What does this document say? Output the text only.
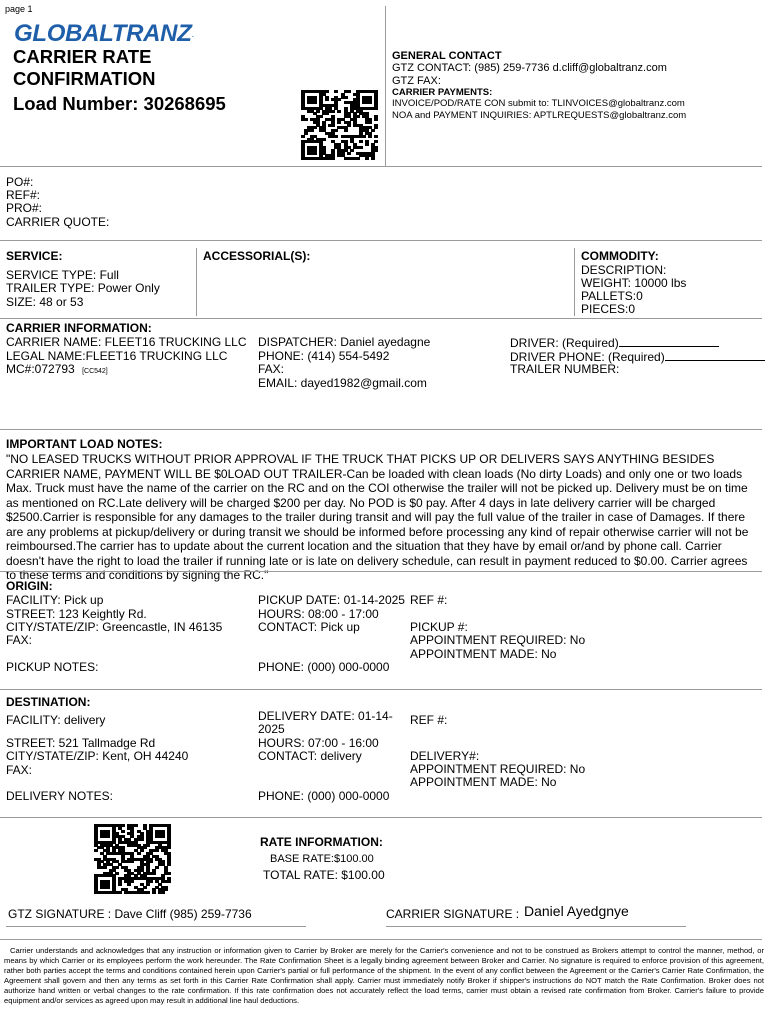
page 1
GLOBALTRANZ.
CARRIER RATE
CONFIRMATION
Load Number: 30268695
GENERAL CONTACT
GTZ CONTACT: (985) 259-7736 d.cliff@globaltranz.com
GTZ FAX:
CARRIER PAYMENTS:
INVOICE/POD/RATE CON submit to: TLINVOICES@globaltranz.com
NOA and PAYMENT INQUIRIES: APTLREQUESTS@globaltranz.com
PO#:
REF#:
PRO#:
CARRIER QUOTE:
SERVICE:
SERVICE TYPE: Full
TRAILER TYPE: Power Only
SIZE: 48 or 53
ACCESSORIAL(S):	COMMODITY:
DESCRIPTION:
WEIGHT: 10000 lbs
PALLETS:0
PIECES:0
CARRIER INFORMATION:
CARRIER NAME: FLEET16 TRUCKING LLC
LEGAL NAME:FLEET16 TRUCKING LLC
MC#:072793 [CC542]
DISPATCHER: Daniel ayedagne
PHONE: (414) 554-5492
FAX:
EMAIL: dayed1982@gmail.com
DRIVER: (Required)
DRIVER PHONE: (Required)
TRAILER NUMBER:
IMPORTANT LOAD NOTES:
"NO LEASED TRUCKS WITHOUT PRIOR APPROVAL IF THE TRUCK THAT PICKS UP OR DELIVERS SAYS ANYTHING BESIDES CARRIER NAME, PAYMENT WILL BE $0LOAD OUT TRAILER-Can be loaded with clean loads (No dirty Loads) and only one or two loads Max. Truck must have the name of the carrier on the RC and on the COI otherwise the trailer will not be picked up. Delivery must be on time as mentioned on RC.Late delivery will be charged $200 per day. No POD is $0 pay. After 4 days in late delivery carrier will be charged $2500.Carrier is responsible for any damages to the trailer during transit and will pay the full value of the trailer in case of Damages. If there are any problems at pickup/delivery or during transit we should be informed before processing any kind of repair otherwise carrier will not be reimboursed.The carrier has to update about the current location and the situation that they have by email or/and by phone call. Carrier doesn't have the right to load the trailer if running late or is late on delivery schedule, can result in payment reduced to $0.00. Carrier agrees to these terms and conditions by signing the RC."
ORIGIN:
FACILITY: Pick up
STREET: 123 Keightly Rd.
CITY/STATE/ZIP: Greencastle, IN 46135
FAX:
PICKUP NOTES:
PICKUP DATE: 01-14-2025
HOURS: 08:00 - 17:00
CONTACT: Pick up
PHONE: (000) 000-0000
REF #:
PICKUP #:
APPOINTMENT REQUIRED: No
APPOINTMENT MADE: No
DESTINATION:
FACILITY: delivery
STREET: 521 Tallmadge Rd
CITY/STATE/ZIP: Kent, OH 44240
FAX:
DELIVERY NOTES:
DELIVERY DATE: 01-14-
2025
HOURS: 07:00 - 16:00
CONTACT: delivery
PHONE: (000) 000-0000
REF #:
DELIVERY#:
APPOINTMENT REQUIRED: No
APPOINTMENT MADE: No
RATE INFORMATION:
BASE RATE:$100.00
TOTAL RATE: $100.00
GTZ SIGNATURE : Dave Cliff (985) 259-7736	CARRIER SIGNATURE : Daniel Ayedgnye
Carrier understands and acknowledges that any instruction or information given to Carrier by Broker are merely for the Carrier's convenience and not to be construed as Brokers attempt to control the manner, method, or means by which Carrier or its employees perform the work hereunder. The Rate Confirmation Sheet is a legally binding agreement between Broker and Carrier. No signature is required to enforce provision of this agreement, rather both parties accept the terms and conditions contained herein upon Carrier's partial or full performance of the shipment. In the event of any conflict between the Agreement or the Carrier's Carrier Rate Confirmation, the Agreement shall govern and then any terms as set forth in this Carrier Rate Confirmation shall apply. Carrier must immediately notify Broker if shipper's instructions do NOT match the Rate Confirmation. Broker does not authorize hand written or verbal changes to the rate confirmation. If this rate confirmation does not accurately reflect the load terms, carrier must obtain a revised rate confirmation from Broker. Carrier's failure to provide equipment and/or services as agreed upon may result in additional line haul deductions.
